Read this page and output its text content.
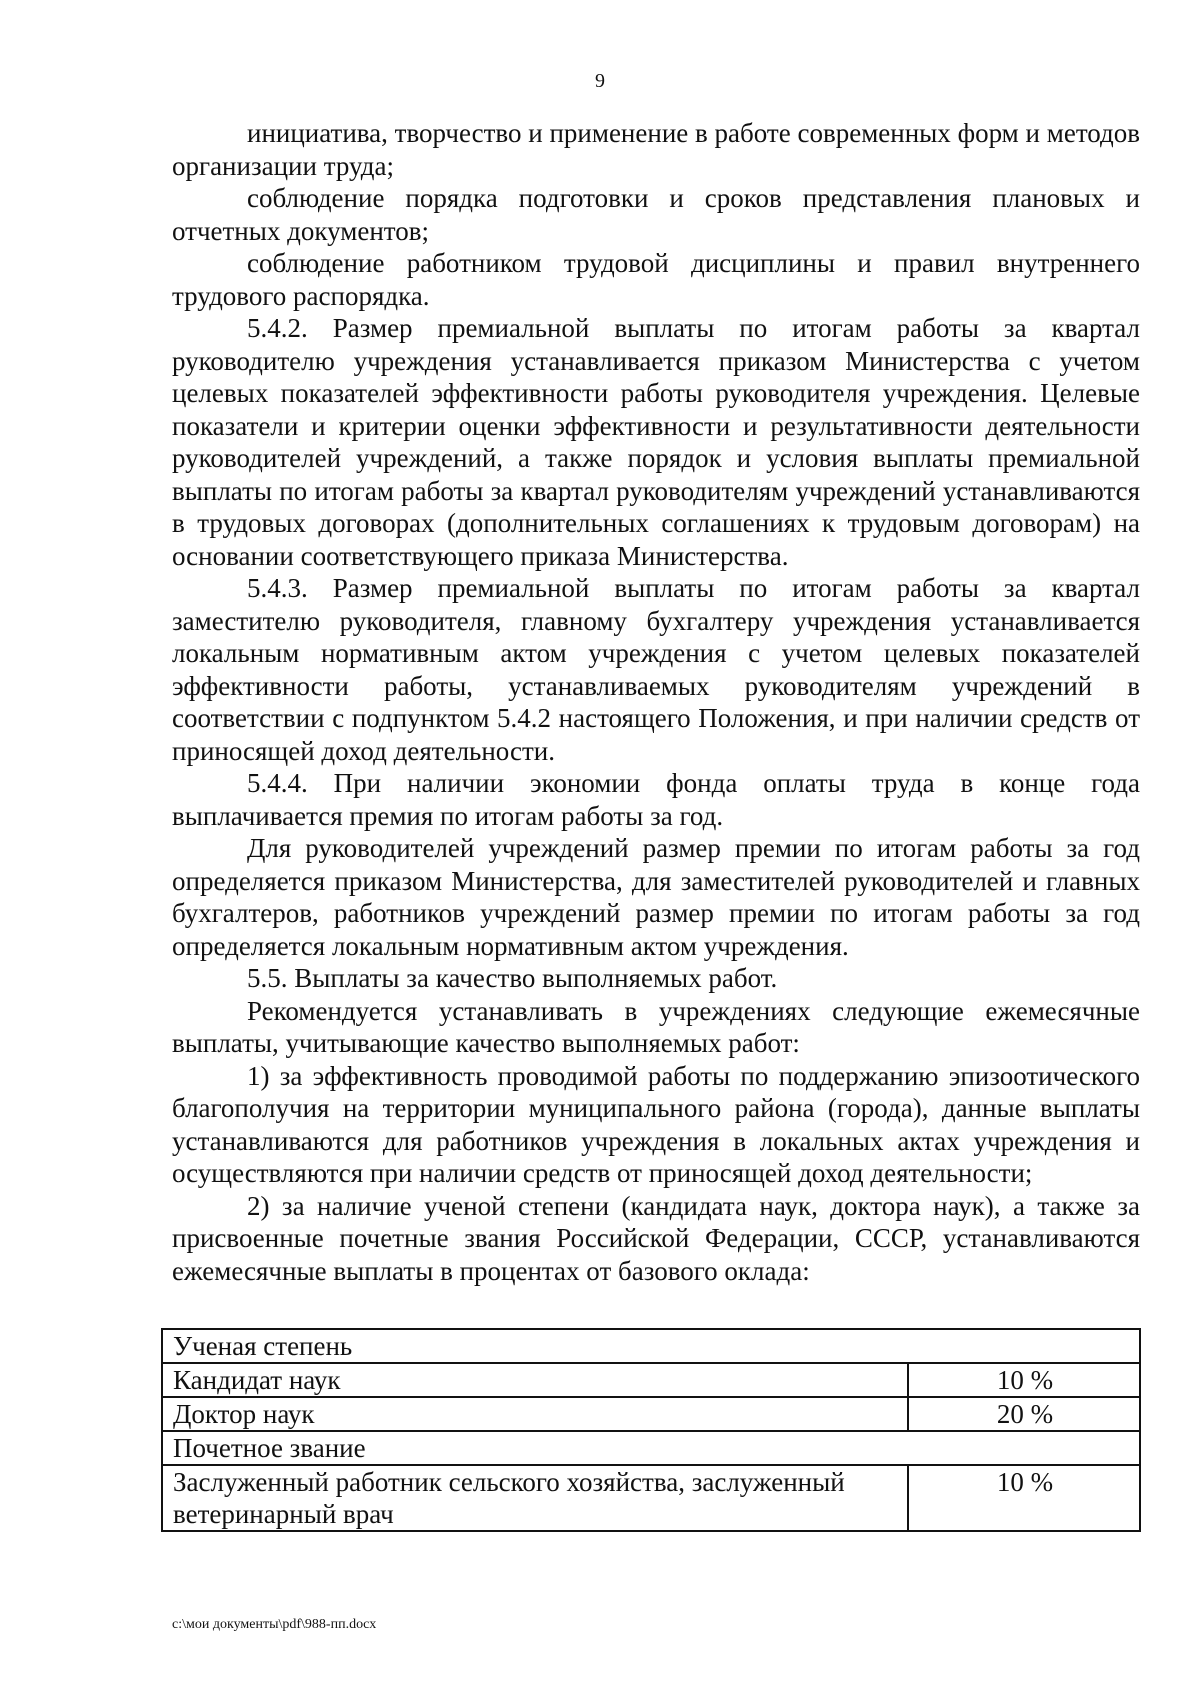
9

инициатива, творчество и применение в работе современных форм и методов организации труда;

соблюдение порядка подготовки и сроков представления плановых и отчетных документов;

соблюдение работником трудовой дисциплины и правил внутреннего трудового распорядка.

5.4.2. Размер премиальной выплаты по итогам работы за квартал руководителю учреждения устанавливается приказом Министерства с учетом целевых показателей эффективности работы руководителя учреждения. Целевые показатели и критерии оценки эффективности и результативности деятельности руководителей учреждений, а также порядок и условия выплаты премиальной выплаты по итогам работы за квартал руководителям учреждений устанавливаются в трудовых договорах (дополнительных соглашениях к трудовым договорам) на основании соответствующего приказа Министерства.

5.4.3. Размер премиальной выплаты по итогам работы за квартал заместителю руководителя, главному бухгалтеру учреждения устанавливается локальным нормативным актом учреждения с учетом целевых показателей эффективности работы, устанавливаемых руководителям учреждений в соответствии с подпунктом 5.4.2 настоящего Положения, и при наличии средств от приносящей доход деятельности.

5.4.4. При наличии экономии фонда оплаты труда в конце года выплачивается премия по итогам работы за год.

Для руководителей учреждений размер премии по итогам работы за год определяется приказом Министерства, для заместителей руководителей и главных бухгалтеров, работников учреждений размер премии по итогам работы за год определяется локальным нормативным актом учреждения.

5.5. Выплаты за качество выполняемых работ.

Рекомендуется устанавливать в учреждениях следующие ежемесячные выплаты, учитывающие качество выполняемых работ:

1) за эффективность проводимой работы по поддержанию эпизоотического благополучия на территории муниципального района (города), данные выплаты устанавливаются для работников учреждения в локальных актах учреждения и осуществляются при наличии средств от приносящей доход деятельности;

2) за наличие ученой степени (кандидата наук, доктора наук), а также за присвоенные почетные звания Российской Федерации, СССР, устанавливаются ежемесячные выплаты в процентах от базового оклада:

Ученая степень	
Кандидат наук	10 %
Доктор наук	20 %
Почетное звание	
Заслуженный работник сельского хозяйства, заслуженный ветеринарный врач	10 %
c:\мои документы\pdf\988-пп.docx
